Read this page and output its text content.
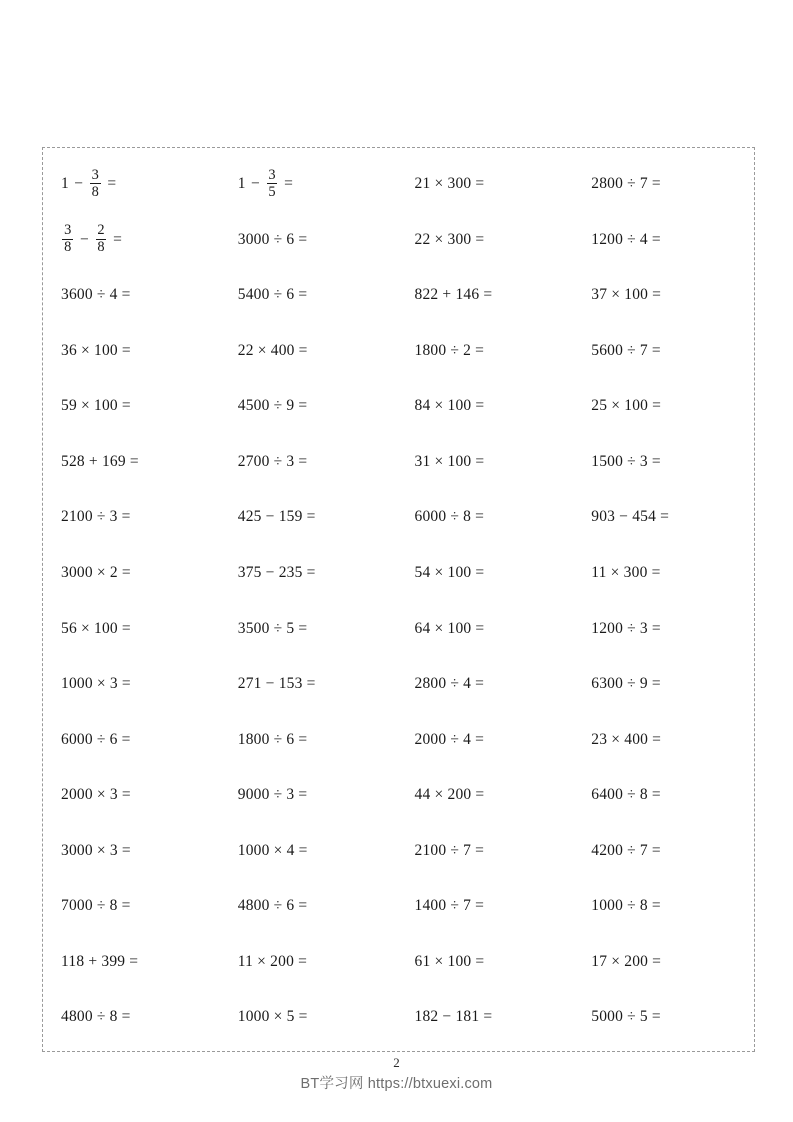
$1 - \frac{3}{8}$ =	$1 - \frac{3}{5}$ =	21 × 300 =	2800 ÷ 7 =
$\frac{3}{8} - \frac{2}{8}$ =	3000 ÷ 6 =	22 × 300 =	1200 ÷ 4 =
3600 ÷ 4 =	5400 ÷ 6 =	822 + 146 =	37 × 100 =
36 × 100 =	22 × 400 =	1800 ÷ 2 =	5600 ÷ 7 =
59 × 100 =	4500 ÷ 9 =	84 × 100 =	25 × 100 =
528 + 169 =	2700 ÷ 3 =	31 × 100 =	1500 ÷ 3 =
2100 ÷ 3 =	425 − 159 =	6000 ÷ 8 =	903 − 454 =
3000 × 2 =	375 − 235 =	54 × 100 =	11 × 300 =
56 × 100 =	3500 ÷ 5 =	64 × 100 =	1200 ÷ 3 =
1000 × 3 =	271 − 153 =	2800 ÷ 4 =	6300 ÷ 9 =
6000 ÷ 6 =	1800 ÷ 6 =	2000 ÷ 4 =	23 × 400 =
2000 × 3 =	9000 ÷ 3 =	44 × 200 =	6400 ÷ 8 =
3000 × 3 =	1000 × 4 =	2100 ÷ 7 =	4200 ÷ 7 =
7000 ÷ 8 =	4800 ÷ 6 =	1400 ÷ 7 =	1000 ÷ 8 =
118 + 399 =	11 × 200 =	61 × 100 =	17 × 200 =
4800 ÷ 8 =	1000 × 5 =	182 − 181 =	5000 ÷ 5 =
2
BT学习网 https://btxuexi.com
